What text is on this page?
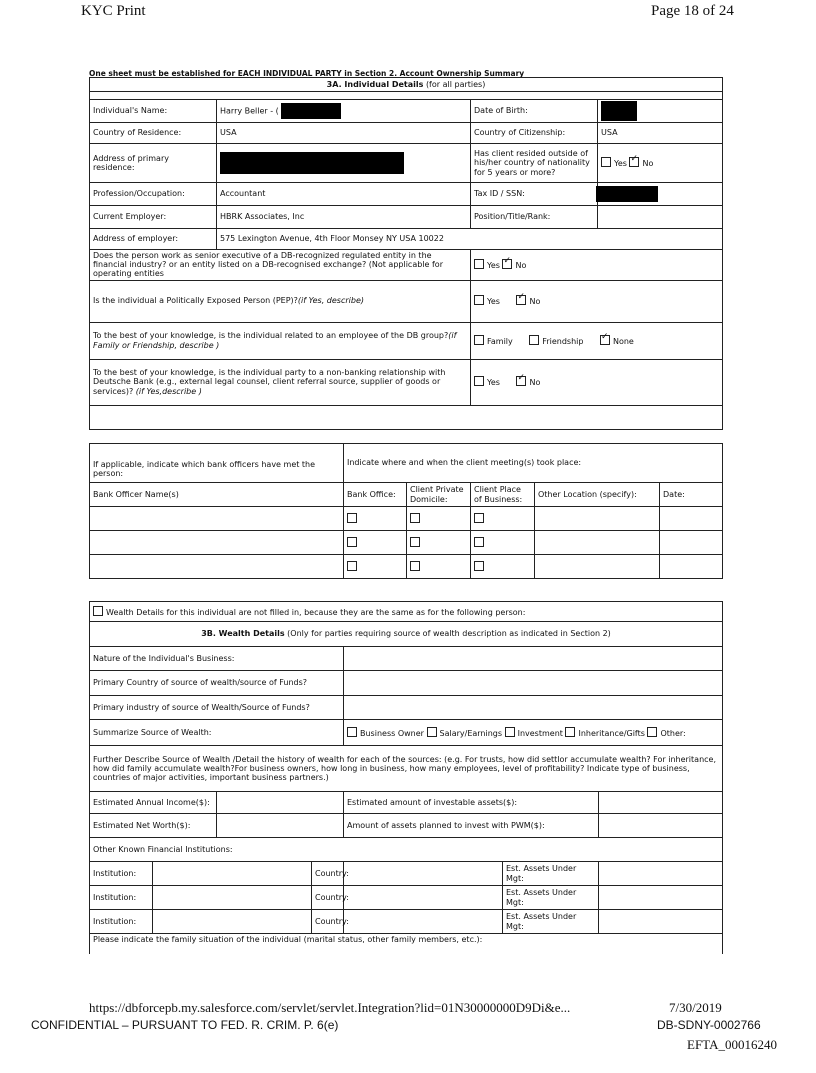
KYC Print	Page 18 of 24
One sheet must be established for EACH INDIVIDUAL PARTY in Section 2. Account Ownership Summary
3A. Individual Details (for all parties)			

Individual's Name:	Harry Beller - (	Date of Birth:	
Country of Residence:	USA	Country of Citizenship:	USA
Address of primary residence:		Has client resided outside of his/her country of nationality for 5 years or more?	Yes ✓ No
Profession/Occupation:	Accountant	Tax ID / SSN:	
Current Employer:	HBRK Associates, Inc	Position/Title/Rank:	
Address of employer:	575 Lexington Avenue, 4th Floor Monsey NY USA 10022		
Does the person work as senior executive of a DB-recognized regulated entity in the financial industry? or an entity listed on a DB-recognised exchange? (Not applicable for operating entities		Yes ✓ No
Is the individual a Politically Exposed Person (PEP)?(if Yes, describe)		Yes ✓ No
To the best of your knowledge, is the individual related to an employee of the DB group?(if Family or Friendship, describe )		Family Friendship ✓ None
To the best of your knowledge, is the individual party to a non-banking relationship with Deutsche Bank (e.g., external legal counsel, client referral source, supplier of goods or services)? (if Yes,describe )		Yes ✓ No

If applicable, indicate which bank officers have met the person:	Indicate where and when the client meeting(s) took place:				
Bank Officer Name(s)	Bank Office:	Client Private Domicile:	Client Place of Business:	Other Location (specify):	Date:

Wealth Details for this individual are not filled in, because they are the same as for the following person:						
3B. Wealth Details (Only for parties requiring source of wealth description as indicated in Section 2)						
Nature of the Individual's Business:						
Primary Country of source of wealth/source of Funds?						
Primary industry of source of Wealth/Source of Funds?						
Summarize Source of Wealth:				Business Owner Salary/Earnings Investment Inheritance/Gifts Other:		
Further Describe Source of Wealth /Detail the history of wealth for each of the sources: (e.g. For trusts, how did settlor accumulate wealth? For inheritance, how did family accumulate wealth?For business owners, how long in business, how many employees, level of profitability? Indicate type of business, countries of major activities, important business partners.)						
Estimated Annual Income($):				Estimated amount of investable assets($):		
Estimated Net Worth($):				Amount of assets planned to invest with PWM($):		
Other Known Financial Institutions:						
Institution:			Country:		Est. Assets Under Mgt:	
Institution:			Country:		Est. Assets Under Mgt:	
Institution:			Country:		Est. Assets Under Mgt:	
Please indicate the family situation of the individual (marital status, other family members, etc.):						
https://dbforcepb.my.salesforce.com/servlet/servlet.Integration?lid=01N30000000D9Di&e...	7/30/2019
CONFIDENTIAL – PURSUANT TO FED. R. CRIM. P. 6(e)	DB-SDNY-0002766
EFTA_00016240
